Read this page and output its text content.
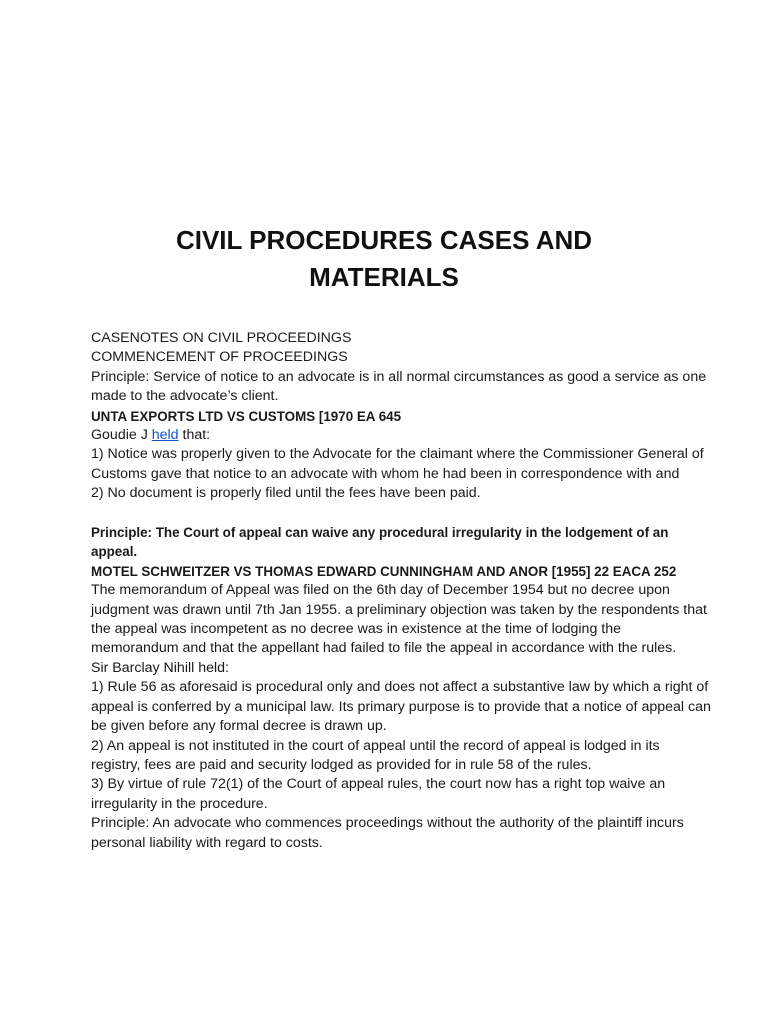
CIVIL PROCEDURES CASES AND
MATERIALS

CASENOTES ON CIVIL PROCEEDINGS

COMMENCEMENT OF PROCEEDINGS

Principle: Service of notice to an advocate is in all normal circumstances as good a service as one made to the advocate’s client.

UNTA EXPORTS LTD VS CUSTOMS [1970 EA 645

Goudie J held that:

1) Notice was properly given to the Advocate for the claimant where the Commissioner General of Customs gave that notice to an advocate with whom he had been in correspondence with and

2) No document is properly filed until the fees have been paid.

Principle: The Court of appeal can waive any procedural irregularity in the lodgement of an appeal.

MOTEL SCHWEITZER VS THOMAS EDWARD CUNNINGHAM AND ANOR [1955] 22 EACA 252

The memorandum of Appeal was filed on the 6th day of December 1954 but no decree upon judgment was drawn until 7th Jan 1955. a preliminary objection was taken by the respondents that the appeal was incompetent as no decree was in existence at the time of lodging the memorandum and that the appellant had failed to file the appeal in accordance with the rules.

Sir Barclay Nihill held:

1) Rule 56 as aforesaid is procedural only and does not affect a substantive law by which a right of appeal is conferred by a municipal law. Its primary purpose is to provide that a notice of appeal can be given before any formal decree is drawn up.

2) An appeal is not instituted in the court of appeal until the record of appeal is lodged in its registry, fees are paid and security lodged as provided for in rule 58 of the rules.

3) By virtue of rule 72(1) of the Court of appeal rules, the court now has a right top waive an irregularity in the procedure.

Principle: An advocate who commences proceedings without the authority of the plaintiff incurs personal liability with regard to costs.
